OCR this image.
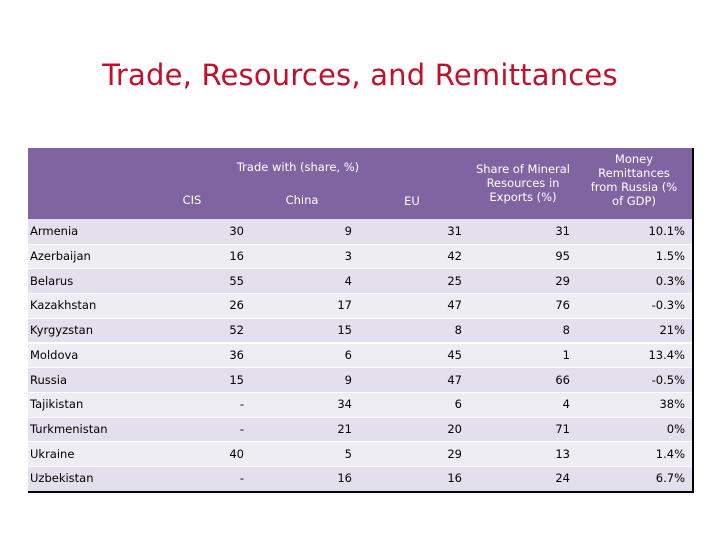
Trade, Resources, and Remittances
Trade with (share, %)
CIS	China	EU
Share of Mineral Resources in Exports (%)
Money Remittances from Russia (% of GDP)
Armenia	30	9	31	31	10.1%
Azerbaijan	16	3	42	95	1.5%
Belarus	55	4	25	29	0.3%
Kazakhstan	26	17	47	76	-0.3%
Kyrgyzstan	52	15	8	8	21%
Moldova	36	6	45	1	13.4%
Russia	15	9	47	66	-0.5%
Tajikistan	-	34	6	4	38%
Turkmenistan	-	21	20	71	0%
Ukraine	40	5	29	13	1.4%
Uzbekistan	-	16	16	24	6.7%
